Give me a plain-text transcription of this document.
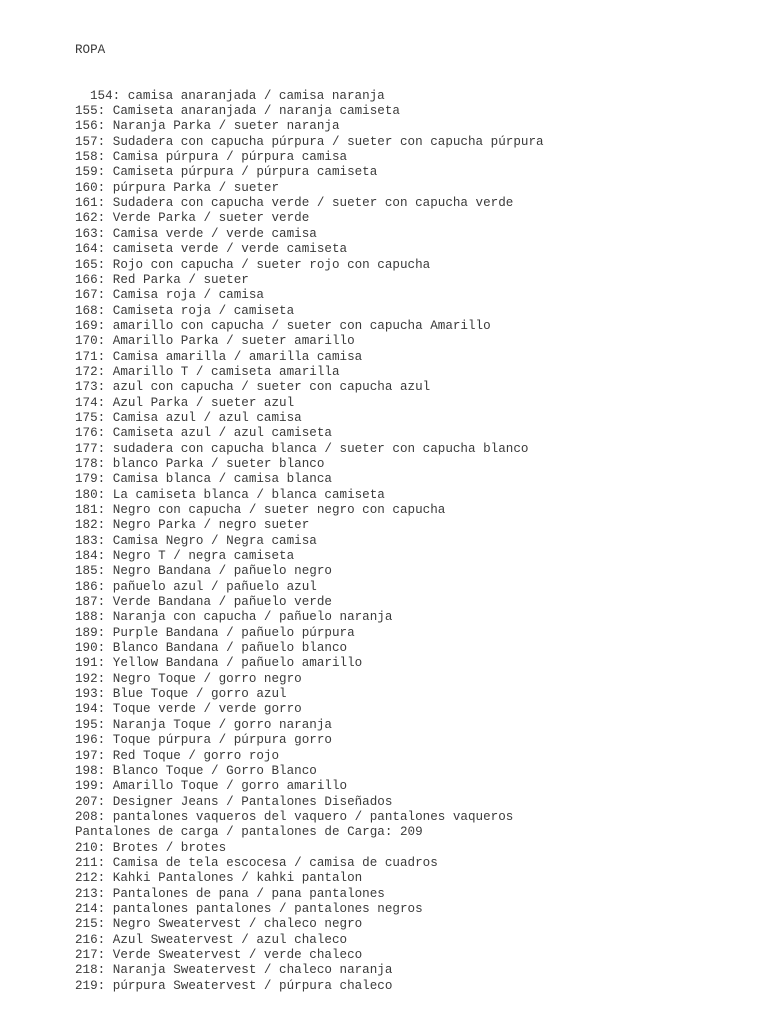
ROPA

154: camisa anaranjada / camisa naranja
155: Camiseta anaranjada / naranja camiseta
156: Naranja Parka / sueter naranja
157: Sudadera con capucha púrpura / sueter con capucha púrpura
158: Camisa púrpura / púrpura camisa
159: Camiseta púrpura / púrpura camiseta
160: púrpura Parka / sueter
161: Sudadera con capucha verde / sueter con capucha verde
162: Verde Parka / sueter verde
163: Camisa verde / verde camisa
164: camiseta verde / verde camiseta
165: Rojo con capucha / sueter rojo con capucha
166: Red Parka / sueter
167: Camisa roja / camisa
168: Camiseta roja / camiseta
169: amarillo con capucha / sueter con capucha Amarillo
170: Amarillo Parka / sueter amarillo
171: Camisa amarilla / amarilla camisa
172: Amarillo T / camiseta amarilla
173: azul con capucha / sueter con capucha azul
174: Azul Parka / sueter azul
175: Camisa azul / azul camisa
176: Camiseta azul / azul camiseta
177: sudadera con capucha blanca / sueter con capucha blanco
178: blanco Parka / sueter blanco
179: Camisa blanca / camisa blanca
180: La camiseta blanca / blanca camiseta
181: Negro con capucha / sueter negro con capucha
182: Negro Parka / negro sueter
183: Camisa Negro / Negra camisa
184: Negro T / negra camiseta
185: Negro Bandana / pañuelo negro
186: pañuelo azul / pañuelo azul
187: Verde Bandana / pañuelo verde
188: Naranja con capucha / pañuelo naranja
189: Purple Bandana / pañuelo púrpura
190: Blanco Bandana / pañuelo blanco
191: Yellow Bandana / pañuelo amarillo
192: Negro Toque / gorro negro
193: Blue Toque / gorro azul
194: Toque verde / verde gorro
195: Naranja Toque / gorro naranja
196: Toque púrpura / púrpura gorro
197: Red Toque / gorro rojo
198: Blanco Toque / Gorro Blanco
199: Amarillo Toque / gorro amarillo
207: Designer Jeans / Pantalones Diseñados
208: pantalones vaqueros del vaquero / pantalones vaqueros
Pantalones de carga / pantalones de Carga: 209
210: Brotes / brotes
211: Camisa de tela escocesa / camisa de cuadros
212: Kahki Pantalones / kahki pantalon
213: Pantalones de pana / pana pantalones
214: pantalones pantalones / pantalones negros
215: Negro Sweatervest / chaleco negro
216: Azul Sweatervest / azul chaleco
217: Verde Sweatervest / verde chaleco
218: Naranja Sweatervest / chaleco naranja
219: púrpura Sweatervest / púrpura chaleco
